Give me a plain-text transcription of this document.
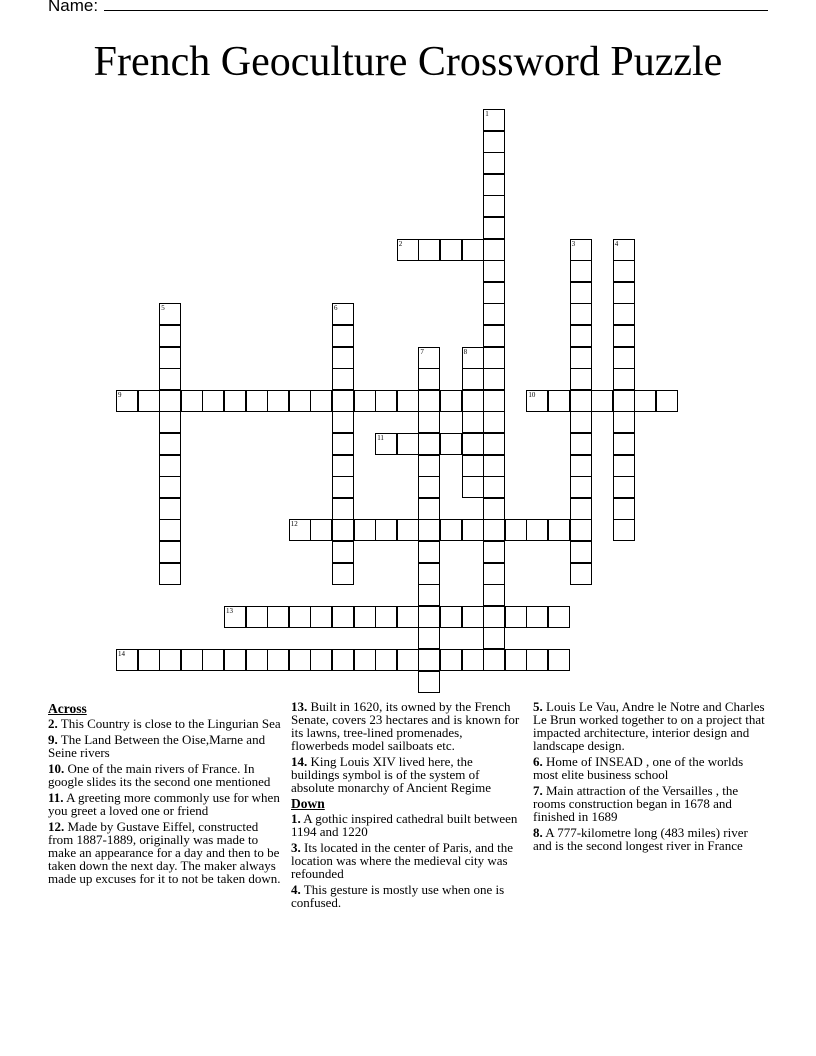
Name:
French Geoculture Crossword Puzzle
1
2	3	4
5	6
7	8
9	10
11
12
13
14
Across
2. This Country is close to the Lingurian Sea
9. The Land Between the Oise,Marne and Seine rivers
10. One of the main rivers of France. In google slides its the second one mentioned
11. A greeting more commonly use for when you greet a loved one or friend
12. Made by Gustave Eiffel, constructed from 1887-1889, originally was made to make an appearance for a day and then to be taken down the next day. The maker always made up excuses for it to not be taken down.
13. Built in 1620, its owned by the French Senate, covers 23 hectares and is known for its lawns, tree-lined promenades, flowerbeds model sailboats etc.
14. King Louis XIV lived here, the buildings symbol is of the system of absolute monarchy of Ancient Regime
Down
1. A gothic inspired cathedral built between 1194 and 1220
3. Its located in the center of Paris, and the location was where the medieval city was refounded
4. This gesture is mostly use when one is confused.
5. Louis Le Vau, Andre le Notre and Charles Le Brun worked together to on a project that impacted architecture, interior design and landscape design.
6. Home of INSEAD , one of the worlds most elite business school
7. Main attraction of the Versailles , the rooms construction began in 1678 and finished in 1689
8. A 777-kilometre long (483 miles) river and is the second longest river in France
